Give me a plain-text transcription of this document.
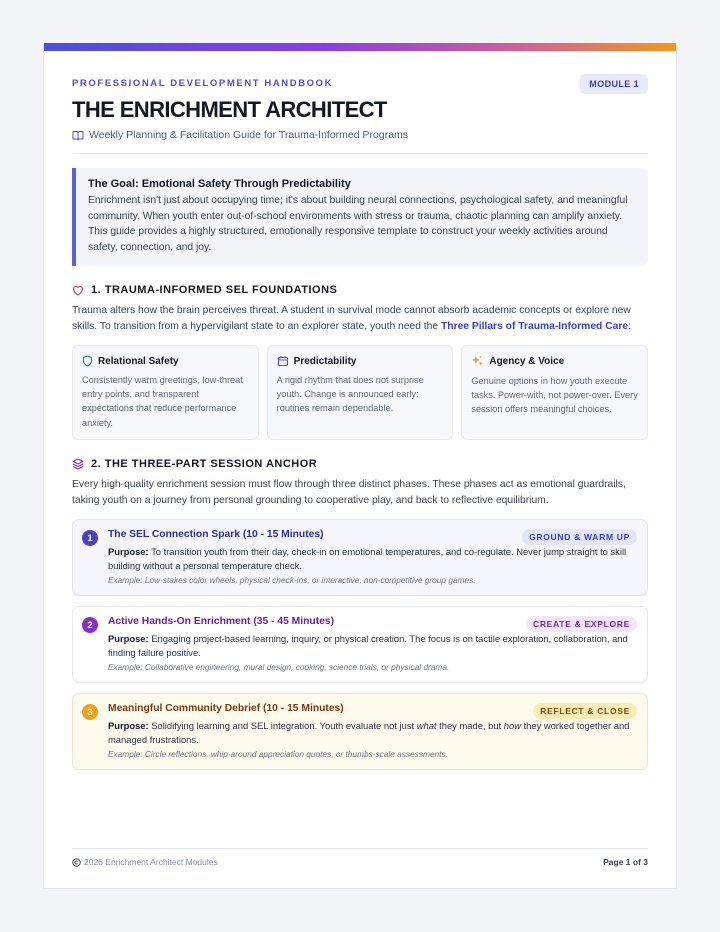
PROFESSIONAL DEVELOPMENT HANDBOOK	MODULE 1
THE ENRICHMENT ARCHITECT
Weekly Planning & Facilitation Guide for Trauma-Informed Programs
The Goal: Emotional Safety Through Predictability
Enrichment isn't just about occupying time; it's about building neural connections, psychological safety, and meaningful community. When youth enter out-of-school environments with stress or trauma, chaotic planning can amplify anxiety. This guide provides a highly structured, emotionally responsive template to construct your weekly activities around safety, connection, and joy.
1. TRAUMA-INFORMED SEL FOUNDATIONS
Trauma alters how the brain perceives threat. A student in survival mode cannot absorb academic concepts or explore new skills. To transition from a hypervigilant state to an explorer state, youth need the Three Pillars of Trauma-Informed Care:
Relational Safety
Consistently warm greetings, low-threat entry points, and transparent expectations that reduce performance anxiety.
Predictability
A rigid rhythm that does not surprise youth. Change is announced early; routines remain dependable.
Agency & Voice
Genuine options in how youth execute tasks. Power-with, not power-over. Every session offers meaningful choices.
2. THE THREE-PART SESSION ANCHOR
Every high-quality enrichment session must flow through three distinct phases. These phases act as emotional guardrails, taking youth on a journey from personal grounding to cooperative play, and back to reflective equilibrium.
1	The SEL Connection Spark (10 - 15 Minutes)	GROUND & WARM UP
Purpose: To transition youth from their day, check-in on emotional temperatures, and co-regulate. Never jump straight to skill building without a personal temperature check.
Example: Low-stakes color wheels, physical check-ins, or interactive, non-competitive group games.
2	Active Hands-On Enrichment (35 - 45 Minutes)	CREATE & EXPLORE
Purpose: Engaging project-based learning, inquiry, or physical creation. The focus is on tactile exploration, collaboration, and finding failure positive.
Example: Collaborative engineering, mural design, cooking, science trials, or physical drama.
3	Meaningful Community Debrief (10 - 15 Minutes)	REFLECT & CLOSE
Purpose: Solidifying learning and SEL integration. Youth evaluate not just what they made, but how they worked together and managed frustrations.
Example: Circle reflections, whip-around appreciation quotes, or thumbs-scale assessments.
2026 Enrichment Architect Modules	Page 1 of 3
